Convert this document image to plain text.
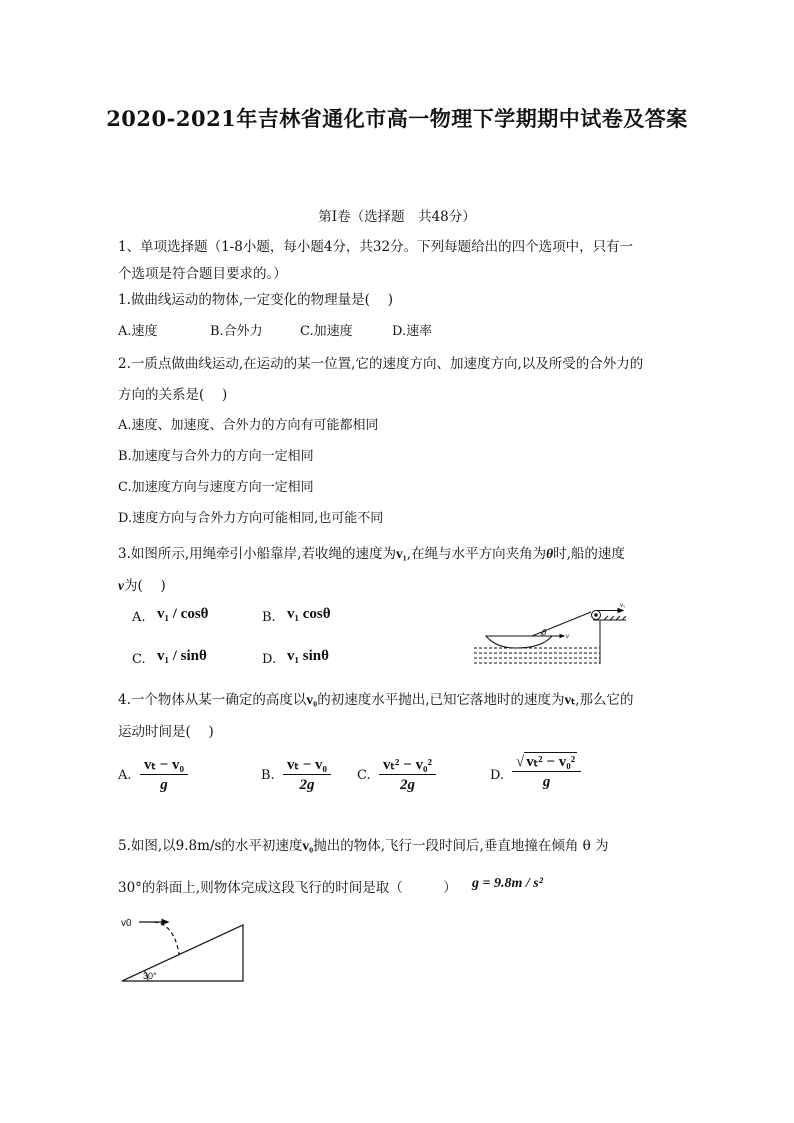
2020-2021年吉林省通化市高一物理下学期期中试卷及答案
第Ⅰ卷（选择题　共48分）
1、单项选择题（1-8小题，每小题4分，共32分。下列每题给出的四个选项中，只有一
个选项是符合题目要求的。）
1.做曲线运动的物体,一定变化的物理量是(　 )
A.速度	B.合外力	C.加速度	D.速率
2.一质点做曲线运动,在运动的某一位置,它的速度方向、加速度方向,以及所受的合外力的
方向的关系是(　 )
A.速度、加速度、合外力的方向有可能都相同
B.加速度与合外力的方向一定相同
C.加速度方向与速度方向一定相同
D.速度方向与合外力方向可能相同,也可能不同
3.如图所示,用绳牵引小船靠岸,若收绳的速度为v₁,在绳与水平方向夹角为θ时,船的速度
v为(　 )
A. v₁ / cosθ	B. v₁ cosθ
C. v₁ / sinθ	D. v₁ sinθ
v₁
θ	v
4.一个物体从某一确定的高度以v₀的初速度水平抛出,已知它落地时的速度为vₜ,那么它的
运动时间是(　 )
A. $\frac{\text{vₜ − v₀}}{g}$	B. $\frac{\text{vₜ − v₀}}{2g} C$. $\frac{\text{vₜ² − v₀²}}{2g}$	D. $\frac{\text{√ vₜ² − v₀²}}{g}$
5.如图,以9.8m/s的水平初速度v₀抛出的物体,飞行一段时间后,垂直地撞在倾角 θ 为
30°的斜面上,则物体完成这段飞行的时间是取（　　　） g = 9.8m / s²
v0
30°
